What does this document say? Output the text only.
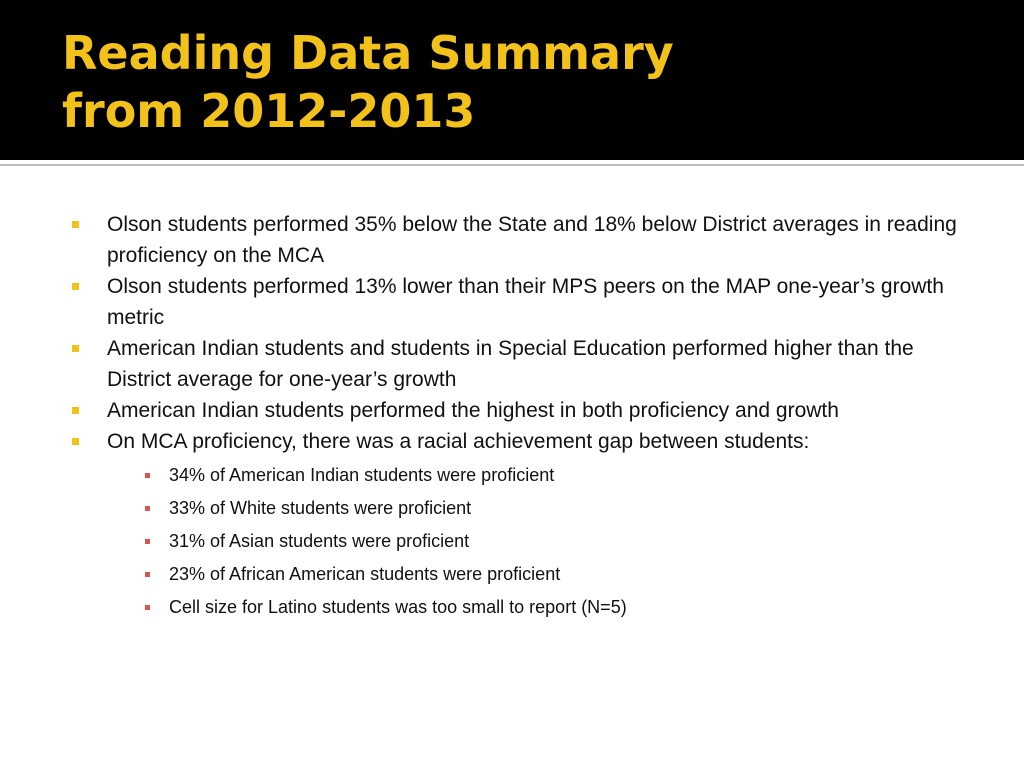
Reading Data Summary
from 2012-2013
Olson students performed 35% below the State and 18% below District averages in reading proficiency on the MCA
Olson students performed 13% lower than their MPS peers on the MAP one-year’s growth metric
American Indian students and students in Special Education performed higher than the District average for one-year’s growth
American Indian students performed the highest in both proficiency and growth
On MCA proficiency, there was a racial achievement gap between students:
34% of American Indian students were proficient
33% of White students were proficient
31% of Asian students were proficient
23% of African American students were proficient
Cell size for Latino students was too small to report (N=5)
